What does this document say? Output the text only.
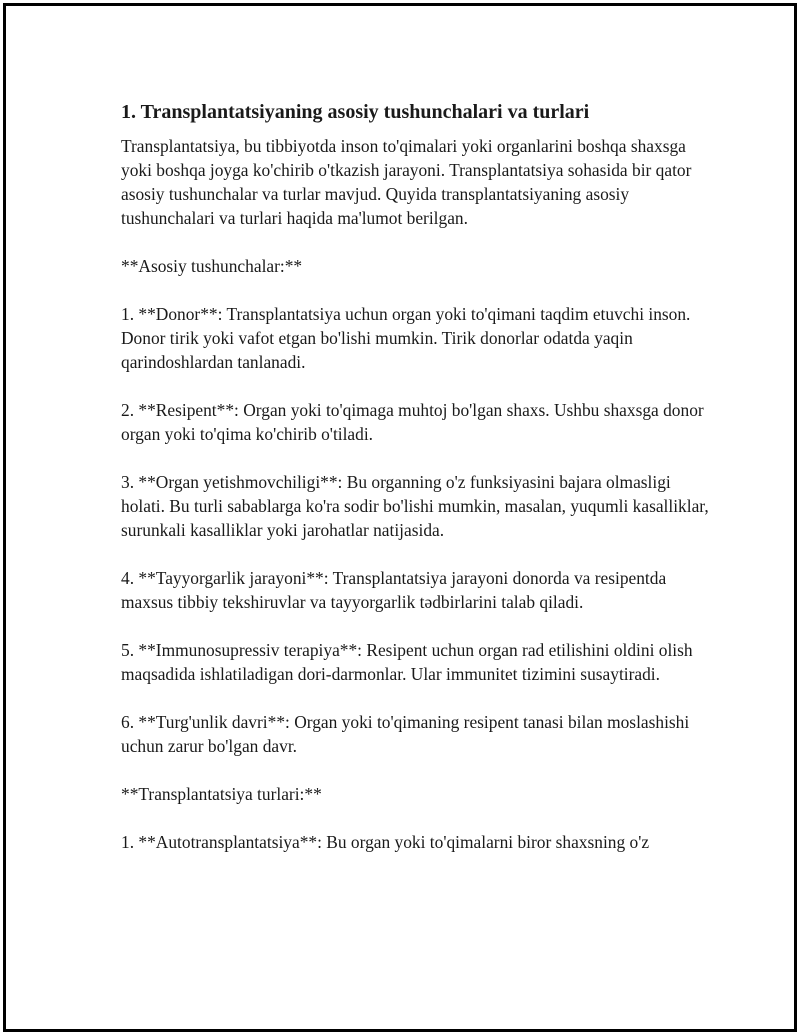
1. Transplantatsiyaning asosiy tushunchalari va turlari

Transplantatsiya, bu tibbiyotda inson to'qimalari yoki organlarini boshqa shaxsga yoki boshqa joyga ko'chirib o'tkazish jarayoni. Transplantatsiya sohasida bir qator asosiy tushunchalar va turlar mavjud. Quyida transplantatsiyaning asosiy tushunchalari va turlari haqida ma'lumot berilgan.

**Asosiy tushunchalar:**

1. **Donor**: Transplantatsiya uchun organ yoki to'qimani taqdim etuvchi inson. Donor tirik yoki vafot etgan bo'lishi mumkin. Tirik donorlar odatda yaqin qarindoshlardan tanlanadi.

2. **Resipent**: Organ yoki to'qimaga muhtoj bo'lgan shaxs. Ushbu shaxsga donor organ yoki to'qima ko'chirib o'tiladi.

3. **Organ yetishmovchiligi**: Bu organning o'z funksiyasini bajara olmasligi holati. Bu turli sabablarga ko'ra sodir bo'lishi mumkin, masalan, yuqumli kasalliklar, surunkali kasalliklar yoki jarohatlar natijasida.

4. **Tayyorgarlik jarayoni**: Transplantatsiya jarayoni donorda va resipentda maxsus tibbiy tekshiruvlar va tayyorgarlik tədbirlarini talab qiladi.

5. **Immunosupressiv terapiya**: Resipent uchun organ rad etilishini oldini olish maqsadida ishlatiladigan dori-darmonlar. Ular immunitet tizimini susaytiradi.

6. **Turg'unlik davri**: Organ yoki to'qimaning resipent tanasi bilan moslashishi uchun zarur bo'lgan davr.

**Transplantatsiya turlari:**

1. **Autotransplantatsiya**: Bu organ yoki to'qimalarni biror shaxsning o'z
